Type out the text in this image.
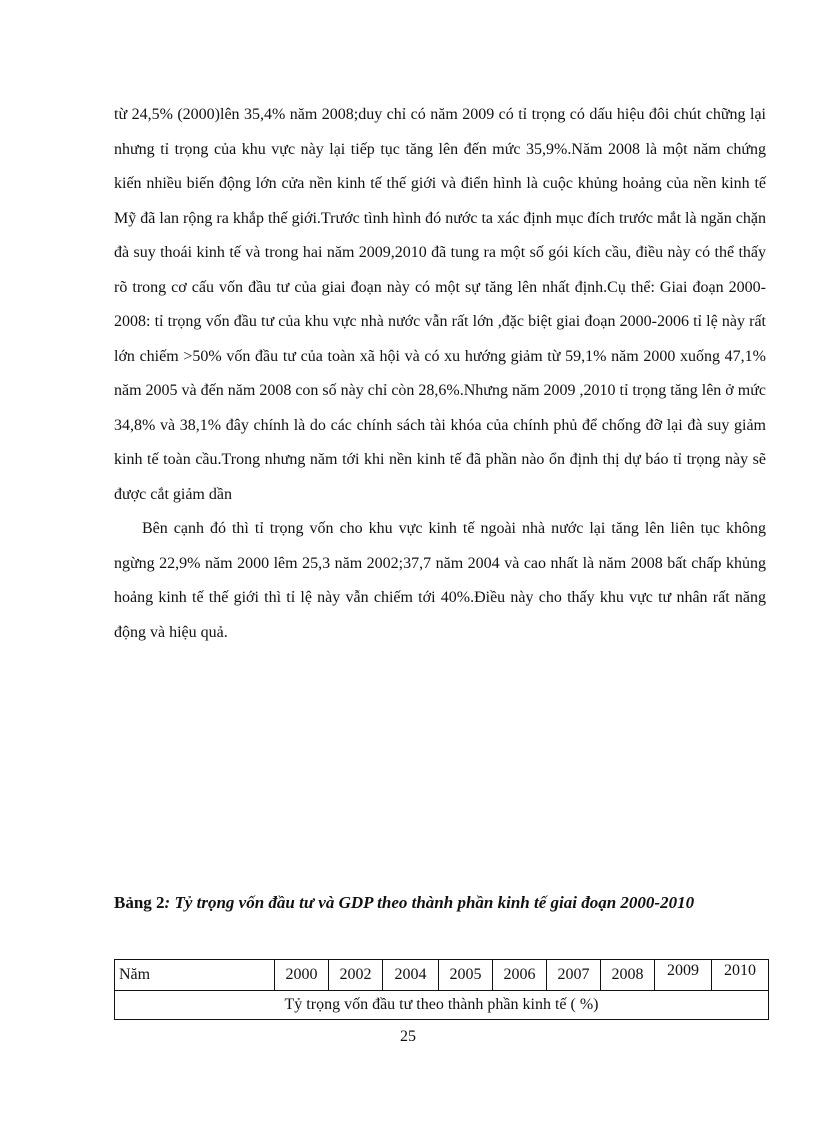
từ 24,5% (2000)lên 35,4% năm 2008;duy chỉ có năm 2009 có tỉ trọng có dấu hiệu đôi chút chững lại nhưng tỉ trọng của khu vực này lại tiếp tục tăng lên đến mức 35,9%.Năm 2008 là một năm chứng kiến nhiều biến động lớn cửa nền kinh tế thế giới và điển hình là cuộc khủng hoảng của nền kinh tế Mỹ đã lan rộng ra khắp thế giới.Trước tình hình đó nước ta xác định mục đích trước mắt là ngăn chặn đà suy thoái kinh tế và trong hai năm 2009,2010 đã tung ra một số gói kích cầu, điều này có thể thấy rõ trong cơ cấu vốn đầu tư của giai đoạn này có một sự tăng lên nhất định.Cụ thể: Giai đoạn 2000-2008: tỉ trọng vốn đầu tư của khu vực nhà nước vẫn rất lớn ,đặc biệt giai đoạn 2000-2006 tỉ lệ này rất lớn chiếm >50% vốn đầu tư của toàn xã hội và có xu hướng giảm từ 59,1% năm 2000 xuống 47,1% năm 2005 và đến năm 2008 con số này chỉ còn 28,6%.Nhưng năm 2009 ,2010 tỉ trọng tăng lên ở mức 34,8% và 38,1% đây chính là do các chính sách tài khóa của chính phủ để chống đỡ lại đà suy giảm kinh tế toàn cầu.Trong nhưng năm tới khi nền kinh tế đã phần nào ổn định thị dự báo tỉ trọng này sẽ được cắt giảm dần

Bên cạnh đó thì tỉ trọng vốn cho khu vực kinh tế ngoài nhà nước lại tăng lên liên tục không ngừng 22,9% năm 2000 lêm 25,3 năm 2002;37,7 năm 2004 và cao nhất là năm 2008 bất chấp khủng hoảng kinh tế thế giới thì tỉ lệ này vẫn chiếm tới 40%.Điều này cho thấy khu vực tư nhân rất năng động và hiệu quả.

Bảng 2: Tỷ trọng vốn đầu tư và GDP theo thành phần kinh tế giai đoạn 2000-2010

Năm	2000	2002	2004	2005	2006	2007	2008	2009	2010
Tỷ trọng vốn đầu tư theo thành phần kinh tế ( %)
25
